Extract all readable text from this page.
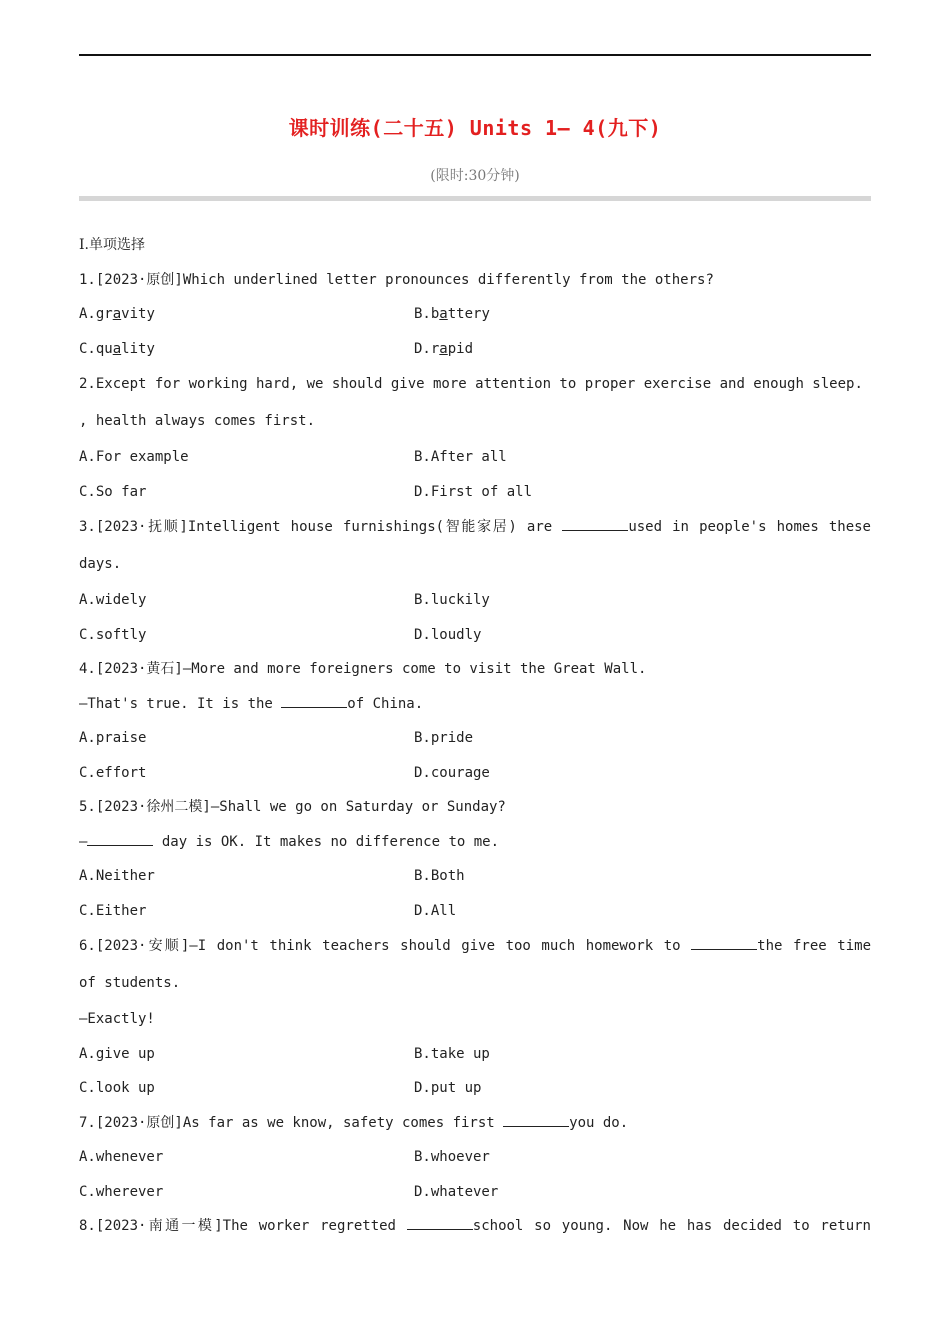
课时训练(二十五) Units 1— 4(九下)
(限时:30分钟)
Ⅰ.单项选择
1.[2023·原创]Which underlined letter pronounces differently from the others?
A.gravity	B.battery
C.quality	D.rapid
2.Except for working hard, we should give more attention to proper exercise and enough sleep.
, health always comes first.
A.For example	B.After all
C.So far	D.First of all
3.[2023·抚顺]Intelligent house furnishings(智能家居) are	used in people's homes these
days.
A.widely	B.luckily
C.softly	D.loudly
4.[2023·黄石]—More and more foreigners come to visit the Great Wall.
—That's true. It is the	of China.
A.praise	B.pride
C.effort	D.courage
5.[2023·徐州二模]—Shall we go on Saturday or Sunday?
—	day is OK. It makes no difference to me.
A.Neither	B.Both
C.Either	D.All
6.[2023·安顺]—I don't think teachers should give too much homework to	the free time
of students.
—Exactly!
A.give up	B.take up
C.look up	D.put up
7.[2023·原创]As far as we know, safety comes first	you do.
A.whenever	B.whoever
C.wherever	D.whatever
8.[2023·南通一模]The worker regretted	school so young. Now he has decided to return
